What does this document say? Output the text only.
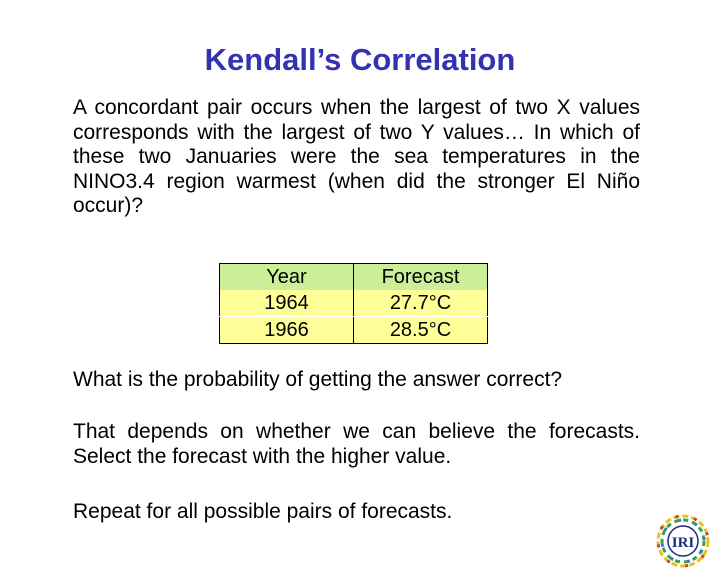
Kendall’s Correlation
A concordant pair occurs when the largest of two X values corresponds with the largest of two Y values… In which of these two Januaries were the sea temperatures in the NINO3.4 region warmest (when did the stronger El Niño occur)?
Year	Forecast
1964	27.7°C
1966	28.5°C
What is the probability of getting the answer correct?
That depends on whether we can believe the forecasts. Select the forecast with the higher value.
Repeat for all possible pairs of forecasts.
IRI
